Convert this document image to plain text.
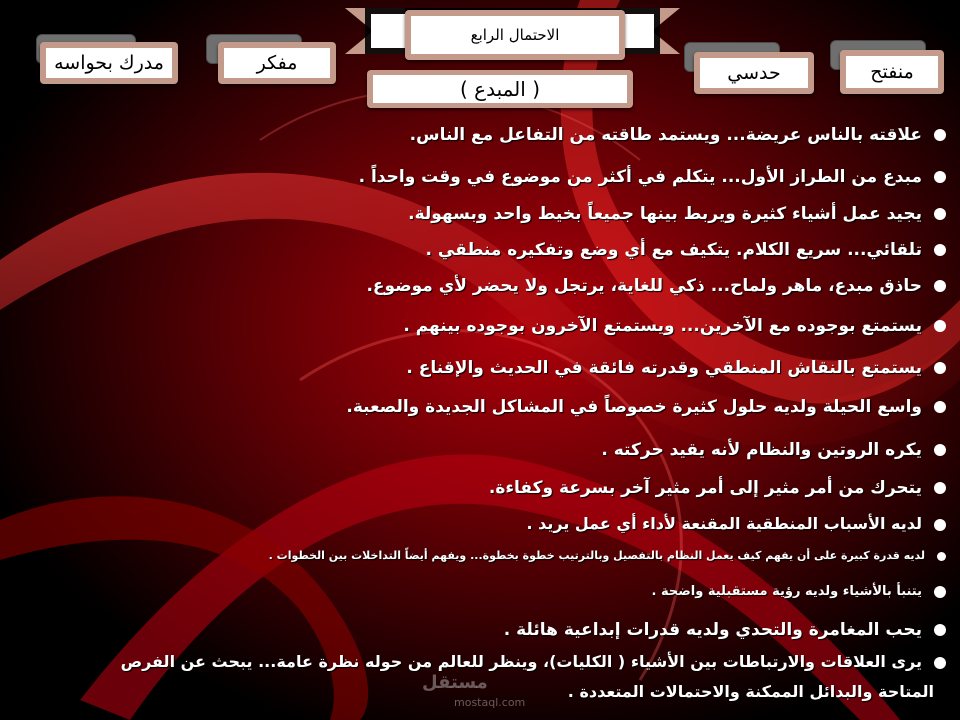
الاحتمال الرابع
( المبدع )
مدرك بحواسه	مفكر	حدسي	منفتح
علاقته بالناس عريضة... ويستمد طاقته من التفاعل مع الناس.
مبدع من الطراز الأول... يتكلم في أكثر من موضوع في وقت واحداً .
يجيد عمل أشياء كثيرة ويربط بينها جميعاً بخيط واحد وبسهولة.
تلقائي... سريع الكلام. يتكيف مع أي وضع وتفكيره منطقي .
حاذق مبدع، ماهر ولماح... ذكي للغاية، يرتجل ولا يحضر لأي موضوع.
يستمتع بوجوده مع الآخرين... ويستمتع الآخرون بوجوده بينهم .
يستمتع بالنقاش المنطقي وقدرته فائقة في الحديث والإقناع .
واسع الحيلة ولديه حلول كثيرة خصوصاً في المشاكل الجديدة والصعبة.
يكره الروتين والنظام لأنه يقيد حركته .
يتحرك من أمر مثير إلى أمر مثير آخر بسرعة وكفاءة.
لديه الأسباب المنطقية المقنعة لأداء أي عمل يريد .
لديه قدرة كبيرة على أن يفهم كيف يعمل النظام بالتفصيل وبالترتيب خطوة بخطوة... ويفهم أيضاً التداخلات بين الخطوات .
يتنبأ بالأشياء ولديه رؤية مستقبلية واضحة .
يحب المغامرة والتحدي ولديه قدرات إبداعية هائلة .
يرى العلاقات والارتباطات بين الأشياء ( الكليات)، وينظر للعالم من حوله نظرة عامة... يبحث عن الفرص
المتاحة والبدائل الممكنة والاحتمالات المتعددة .
مستقل
mostaql.com
